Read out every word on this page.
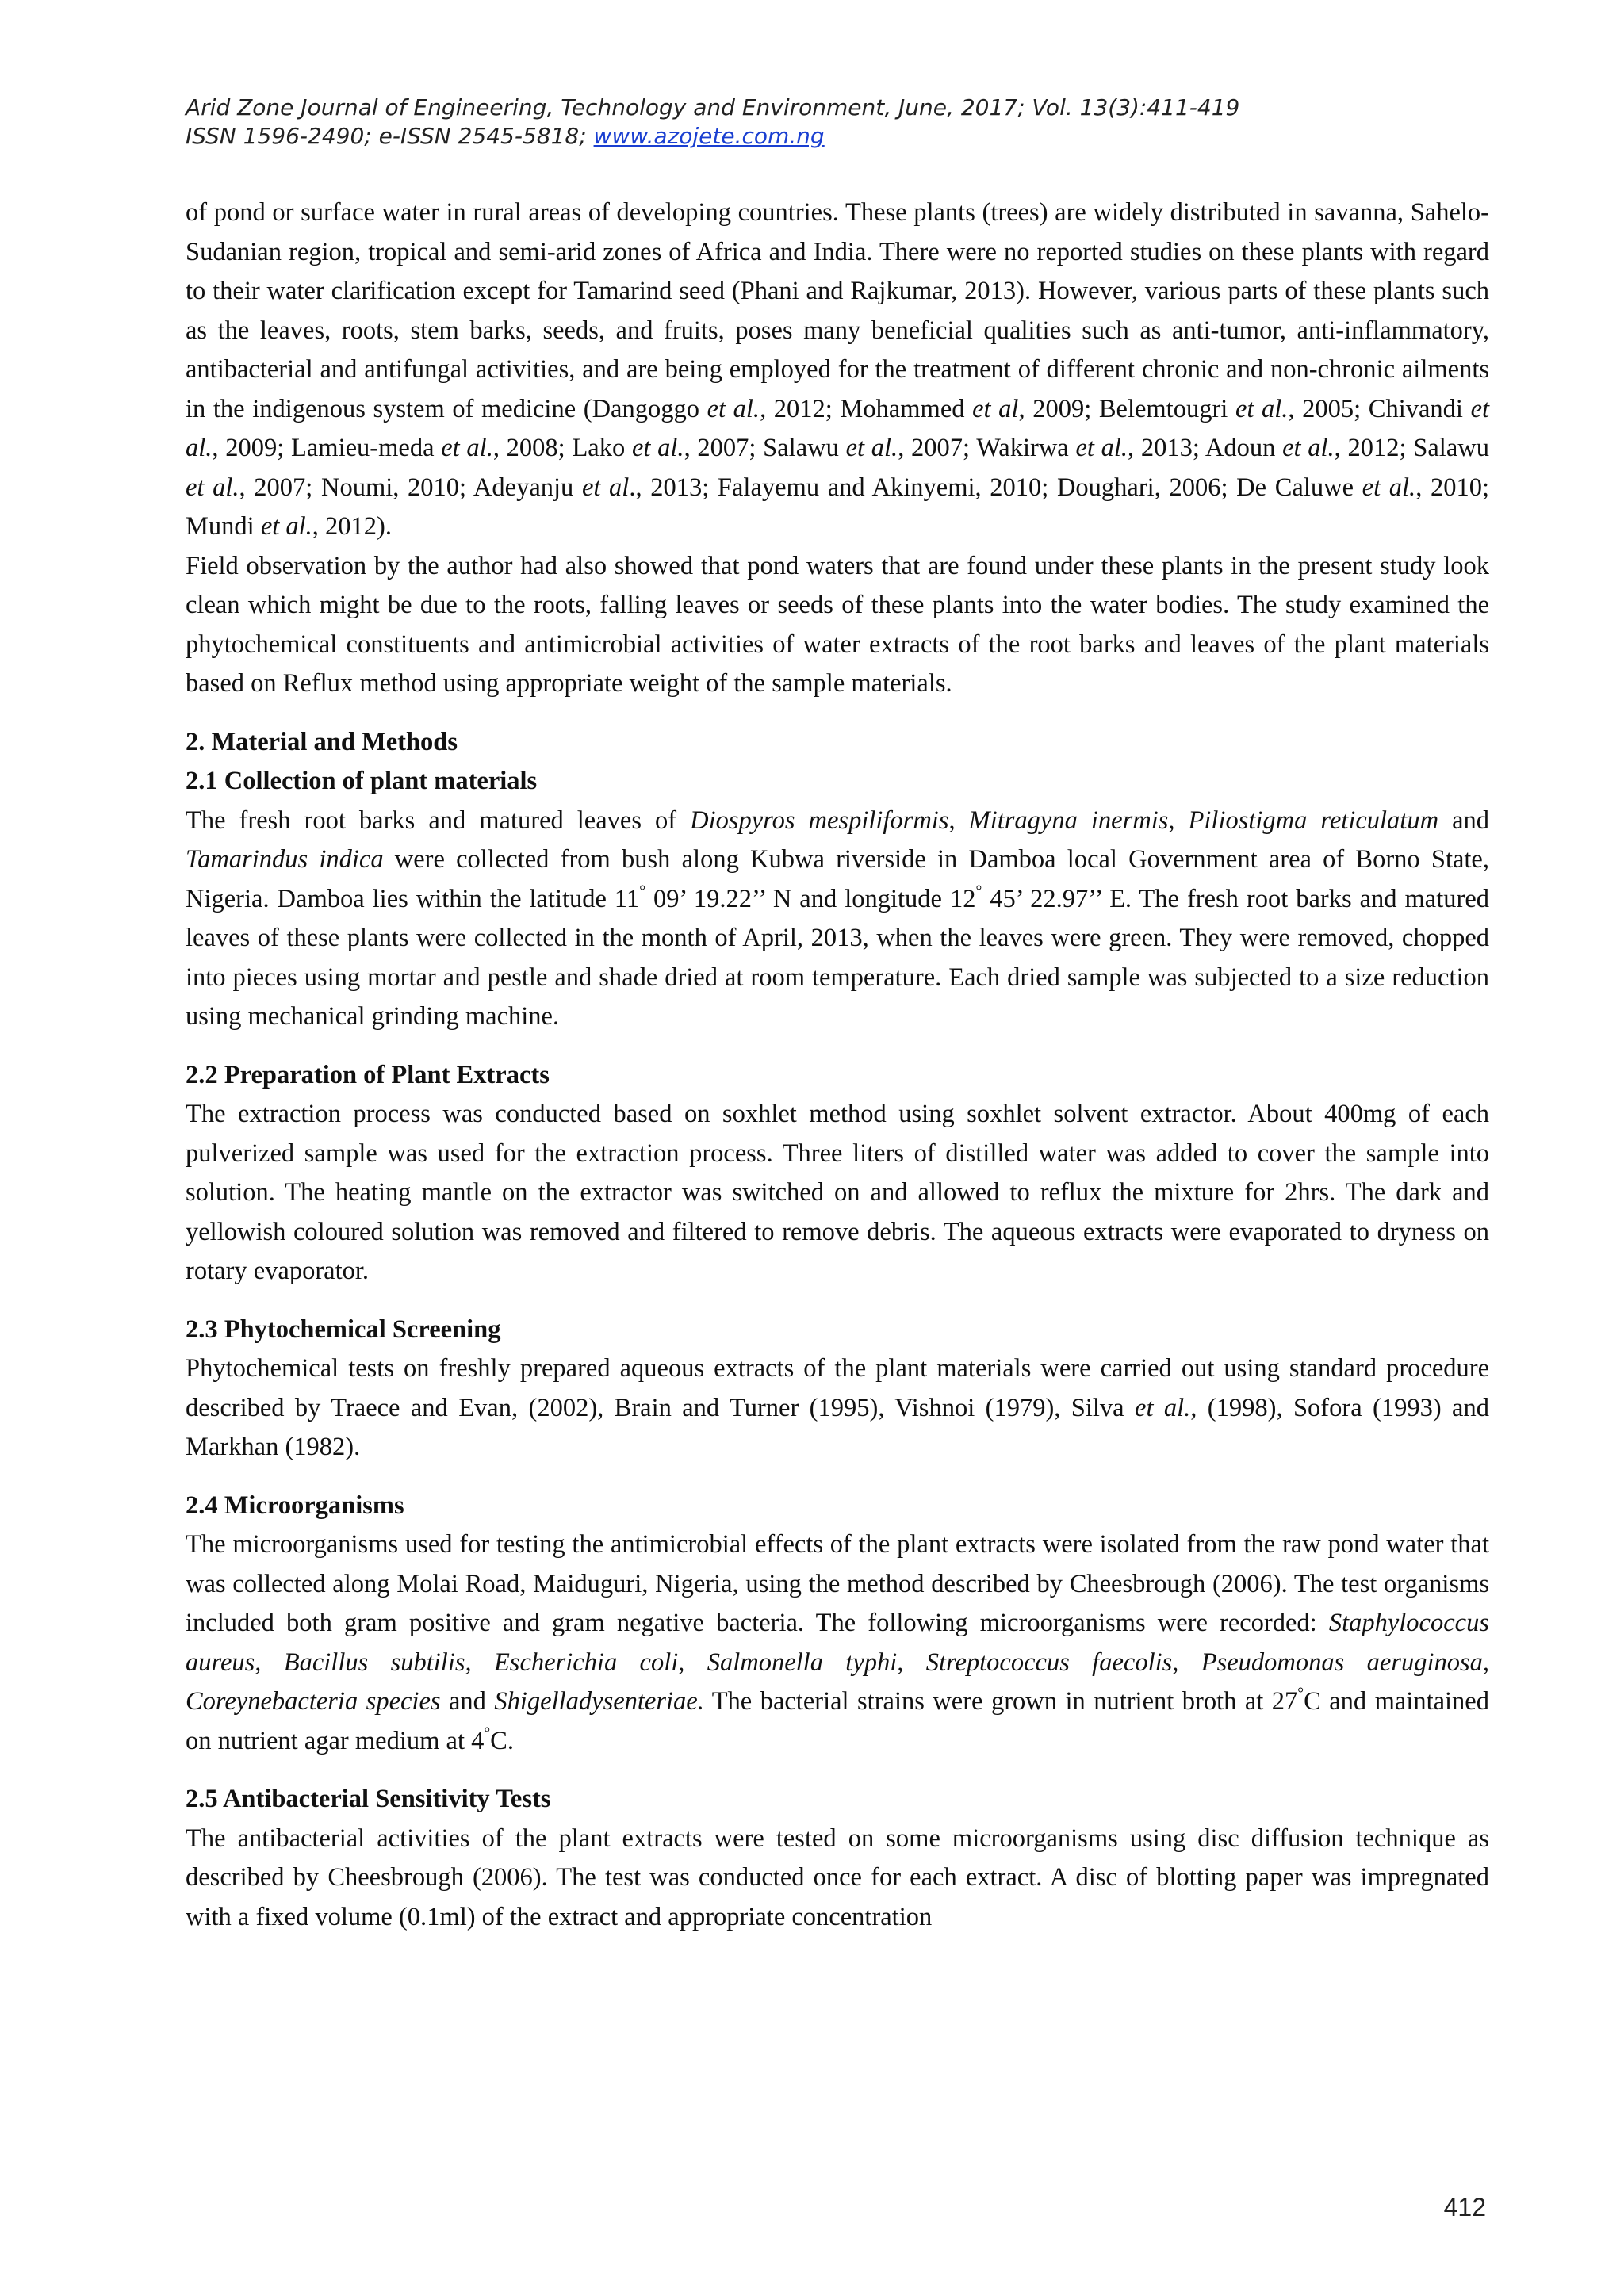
Arid Zone Journal of Engineering, Technology and Environment, June, 2017; Vol. 13(3):411-419
ISSN 1596-2490; e-ISSN 2545-5818; www.azojete.com.ng

of pond or surface water in rural areas of developing countries. These plants (trees) are widely distributed in savanna, Sahelo-Sudanian region, tropical and semi-arid zones of Africa and India. There were no reported studies on these plants with regard to their water clarification except for Tamarind seed (Phani and Rajkumar, 2013). However, various parts of these plants such as the leaves, roots, stem barks, seeds, and fruits, poses many beneficial qualities such as anti-tumor, anti-inflammatory, antibacterial and antifungal activities, and are being employed for the treatment of different chronic and non-chronic ailments in the indigenous system of medicine (Dangoggo et al., 2012; Mohammed et al, 2009; Belemtougri et al., 2005; Chivandi et al., 2009; Lamieu-meda et al., 2008; Lako et al., 2007; Salawu et al., 2007; Wakirwa et al., 2013; Adoun et al., 2012; Salawu et al., 2007; Noumi, 2010; Adeyanju et al., 2013; Falayemu and Akinyemi, 2010; Doughari, 2006; De Caluwe et al., 2010; Mundi et al., 2012).

Field observation by the author had also showed that pond waters that are found under these plants in the present study look clean which might be due to the roots, falling leaves or seeds of these plants into the water bodies. The study examined the phytochemical constituents and antimicrobial activities of water extracts of the root barks and leaves of the plant materials based on Reflux method using appropriate weight of the sample materials.

2. Material and Methods
2.1 Collection of plant materials

The fresh root barks and matured leaves of Diospyros mespiliformis, Mitragyna inermis, Piliostigma reticulatum and Tamarindus indica were collected from bush along Kubwa riverside in Damboa local Government area of Borno State, Nigeria. Damboa lies within the latitude 11° 09’ 19.22’’ N and longitude 12° 45’ 22.97’’ E. The fresh root barks and matured leaves of these plants were collected in the month of April, 2013, when the leaves were green. They were removed, chopped into pieces using mortar and pestle and shade dried at room temperature. Each dried sample was subjected to a size reduction using mechanical grinding machine.

2.2 Preparation of Plant Extracts

The extraction process was conducted based on soxhlet method using soxhlet solvent extractor. About 400mg of each pulverized sample was used for the extraction process. Three liters of distilled water was added to cover the sample into solution. The heating mantle on the extractor was switched on and allowed to reflux the mixture for 2hrs. The dark and yellowish coloured solution was removed and filtered to remove debris. The aqueous extracts were evaporated to dryness on rotary evaporator.

2.3 Phytochemical Screening

Phytochemical tests on freshly prepared aqueous extracts of the plant materials were carried out using standard procedure described by Traece and Evan, (2002), Brain and Turner (1995), Vishnoi (1979), Silva et al., (1998), Sofora (1993) and Markhan (1982).

2.4 Microorganisms

The microorganisms used for testing the antimicrobial effects of the plant extracts were isolated from the raw pond water that was collected along Molai Road, Maiduguri, Nigeria, using the method described by Cheesbrough (2006). The test organisms included both gram positive and gram negative bacteria. The following microorganisms were recorded: Staphylococcus aureus, Bacillus subtilis, Escherichia coli, Salmonella typhi, Streptococcus faecolis, Pseudomonas aeruginosa, Coreynebacteria species and Shigelladysenteriae. The bacterial strains were grown in nutrient broth at 27°C and maintained on nutrient agar medium at 4°C.

2.5 Antibacterial Sensitivity Tests

The antibacterial activities of the plant extracts were tested on some microorganisms using disc diffusion technique as described by Cheesbrough (2006). The test was conducted once for each extract. A disc of blotting paper was impregnated with a fixed volume (0.1ml) of the extract and appropriate concentration

412
